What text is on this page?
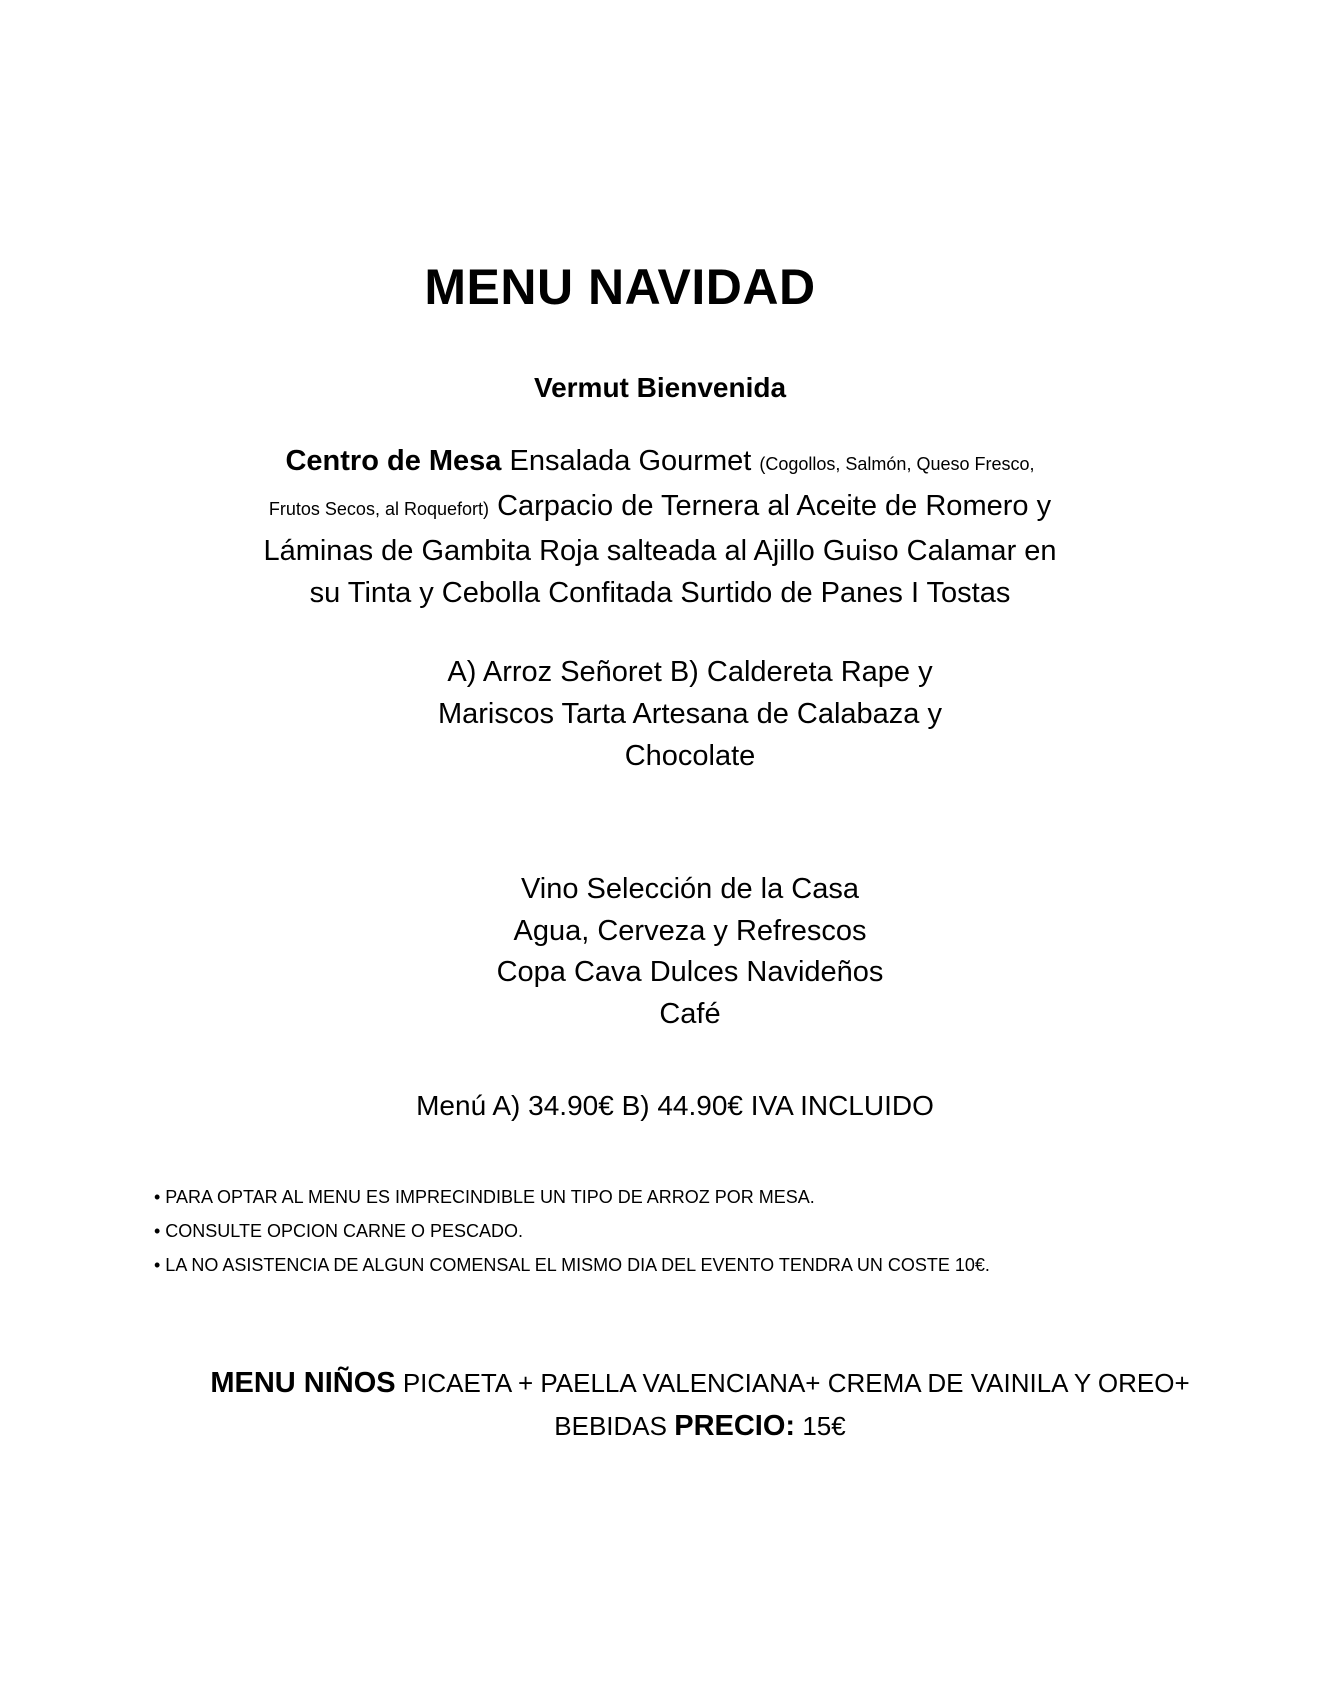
MENU NAVIDAD
Vermut Bienvenida
Centro de Mesa Ensalada Gourmet (Cogollos, Salmón, Queso Fresco,
Frutos Secos, al Roquefort) Carpacio de Ternera al Aceite de Romero y
Láminas de Gambita Roja salteada al Ajillo Guiso Calamar en
su Tinta y Cebolla Confitada Surtido de Panes I Tostas
A) Arroz Señoret B) Caldereta Rape y
Mariscos Tarta Artesana de Calabaza y
Chocolate
Vino Selección de la Casa
Agua, Cerveza y Refrescos
Copa Cava Dulces Navideños
Café
Menú A) 34.90€ B) 44.90€ IVA INCLUIDO
• PARA OPTAR AL MENU ES IMPRECINDIBLE UN TIPO DE ARROZ POR MESA.
• CONSULTE OPCION CARNE O PESCADO.
• LA NO ASISTENCIA DE ALGUN COMENSAL EL MISMO DIA DEL EVENTO TENDRA UN COSTE 10€.
MENU NIÑOS PICAETA + PAELLA VALENCIANA+ CREMA DE VAINILA Y OREO+
BEBIDAS PRECIO: 15€
